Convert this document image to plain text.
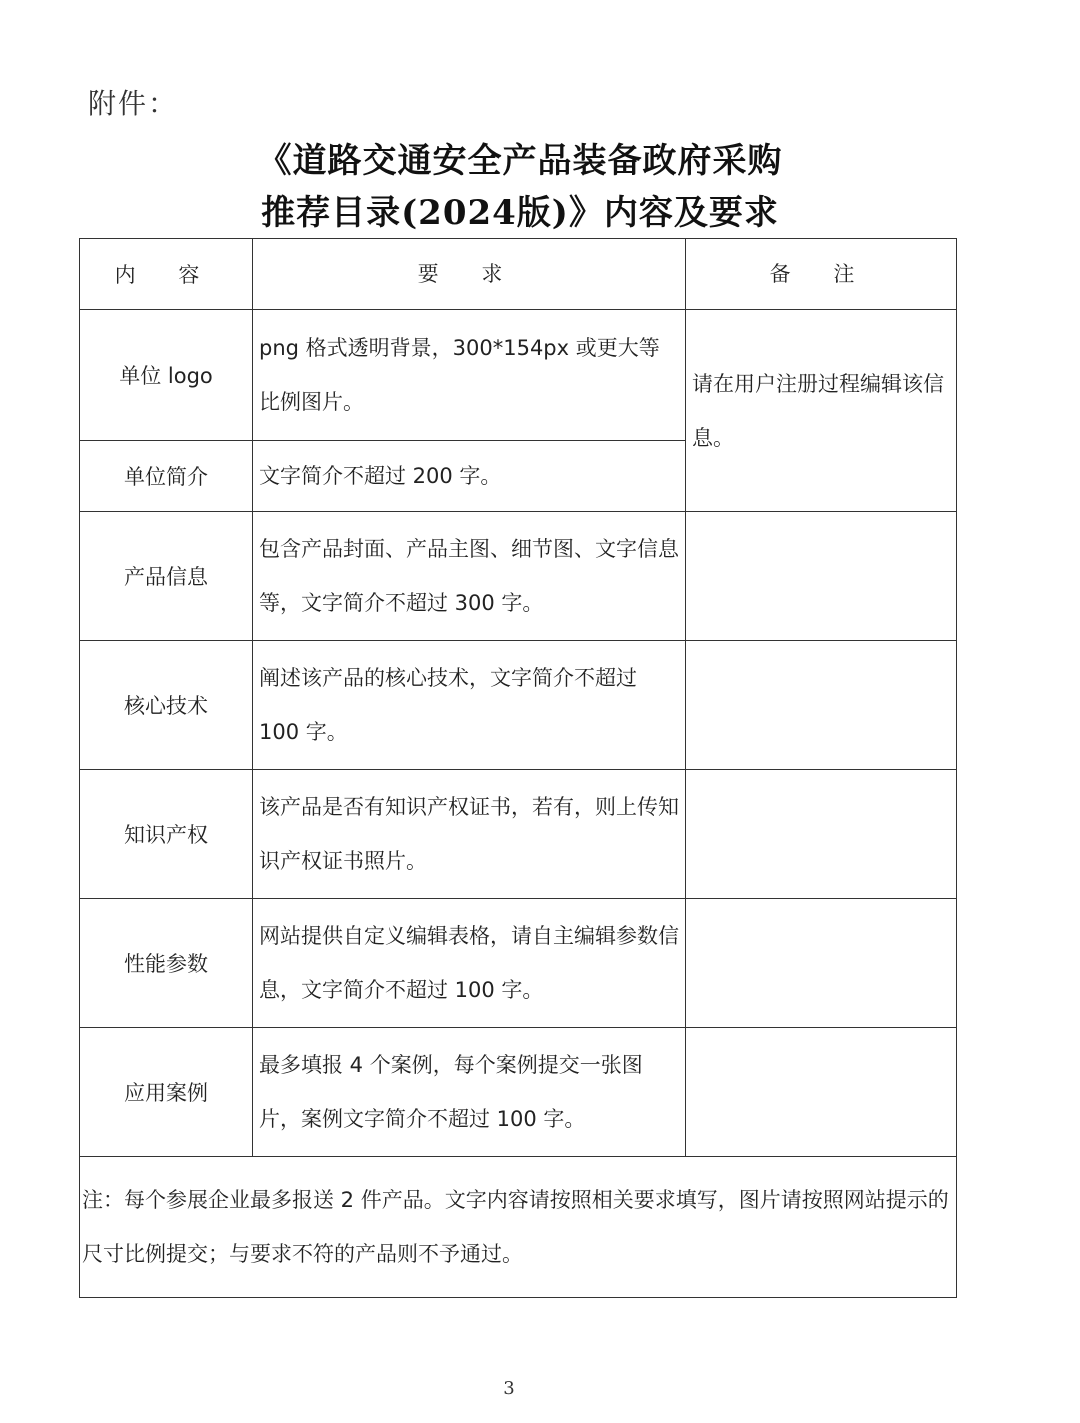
附件：
《道路交通安全产品装备政府采购
推荐目录(2024版)》内容及要求
内 容	要 求	备 注
单位 logo	png 格式透明背景，300*154px 或更大等比例图片。	请在用户注册过程编辑该信息。
单位简介	文字简介不超过 200 字。	
产品信息	包含产品封面、产品主图、细节图、文字信息等，文字简介不超过 300 字。	
核心技术	阐述该产品的核心技术，文字简介不超过 100 字。	
知识产权	该产品是否有知识产权证书，若有，则上传知识产权证书照片。	
性能参数	网站提供自定义编辑表格，请自主编辑参数信息，文字简介不超过 100 字。	
应用案例	最多填报 4 个案例，每个案例提交一张图片，案例文字简介不超过 100 字。	
注：每个参展企业最多报送 2 件产品。文字内容请按照相关要求填写，图片请按照网站提示的尺寸比例提交；与要求不符的产品则不予通过。		
3
